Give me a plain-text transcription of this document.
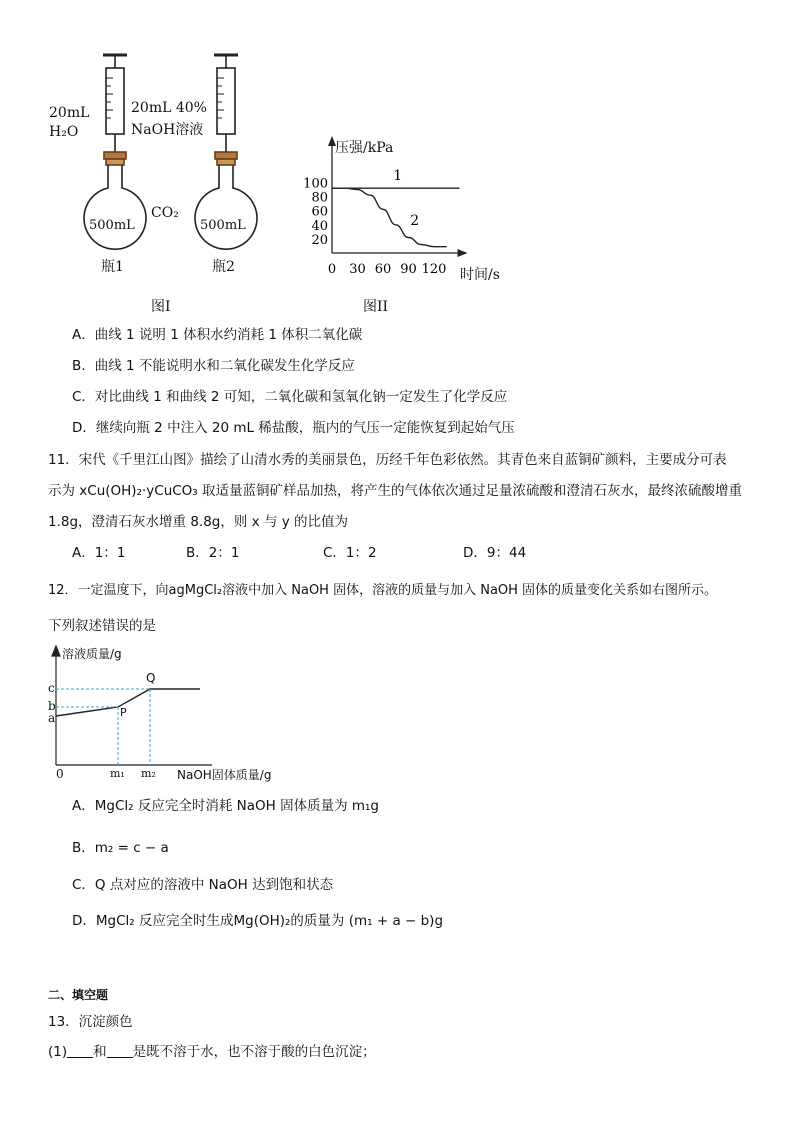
20mL
H₂O
20mL 40%
NaOH溶液
500mL	500mL
CO₂
瓶1	瓶2
图I
20
40
60
80
100
0 30 60 90 120
1
2
压强/kPa
时间/s
图II
A．曲线 1 说明 1 体积水约消耗 1 体积二氧化碳
B．曲线 1 不能说明水和二氧化碳发生化学反应
C．对比曲线 1 和曲线 2 可知，二氧化碳和氢氧化钠一定发生了化学反应
D．继续向瓶 2 中注入 20 mL 稀盐酸，瓶内的气压一定能恢复到起始气压
11．宋代《千里江山图》描绘了山清水秀的美丽景色，历经千年色彩依然。其青色来自蓝铜矿颜料，主要成分可表
示为 xCu(OH)₂·yCuCO₃ 取适量蓝铜矿样品加热，将产生的气体依次通过足量浓硫酸和澄清石灰水，最终浓硫酸增重
1.8g，澄清石灰水增重 8.8g，则 x 与 y 的比值为
A．1：1	B．2：1	C．1：2	D．9：44
12．一定温度下，向agMgCl₂溶液中加入 NaOH 固体，溶液的质量与加入 NaOH 固体的质量变化关系如右图所示。
下列叙述错误的是
溶液质量/g
c
b
a	P
Q
0	m₁ m₂ NaOH固体质量/g
A．MgCl₂ 反应完全时消耗 NaOH 固体质量为 m₁g
B．m₂ = c − a
C．Q 点对应的溶液中 NaOH 达到饱和状态
D．MgCl₂ 反应完全时生成Mg(OH)₂的质量为 (m₁ + a − b)g
二、填空题
13．沉淀颜色
(1) 和 是既不溶于水，也不溶于酸的白色沉淀；
